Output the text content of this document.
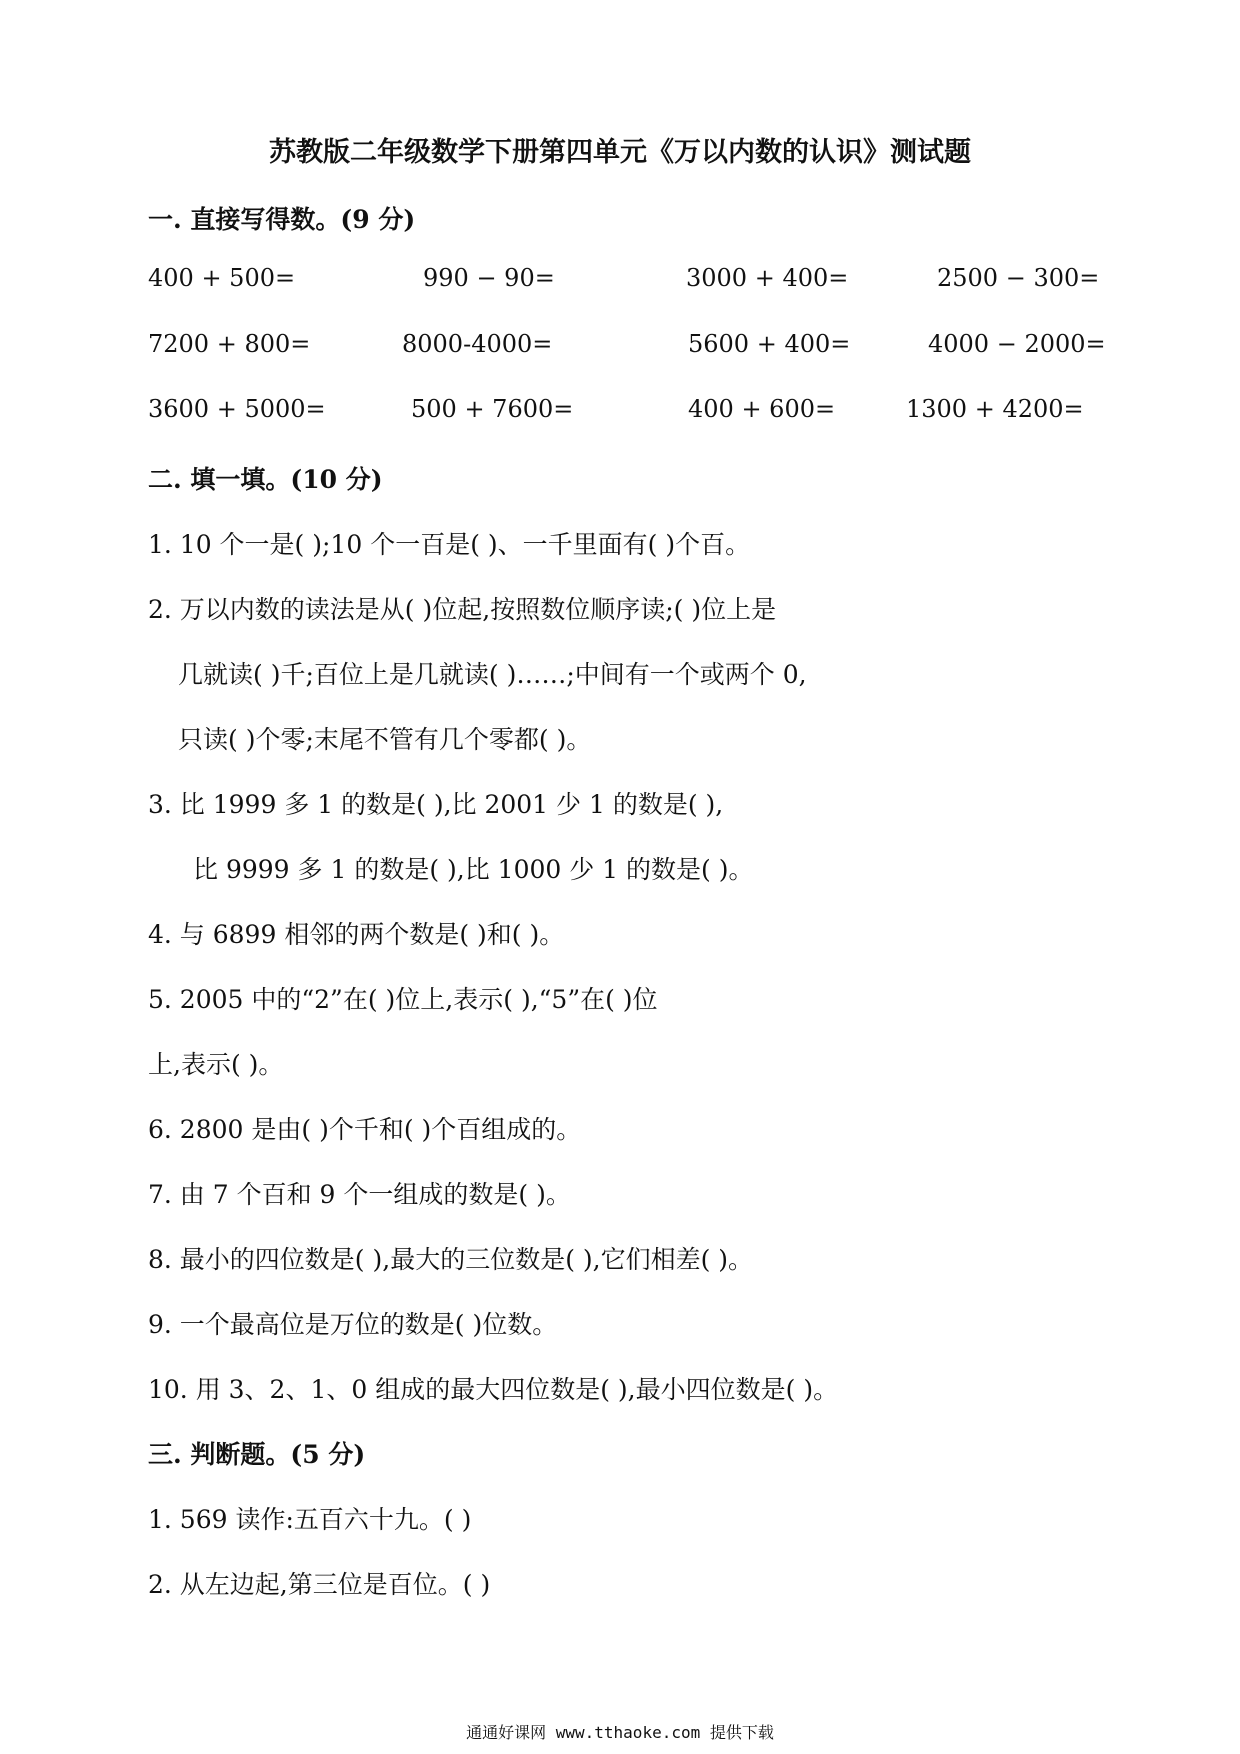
苏教版二年级数学下册第四单元《万以内数的认识》测试题
一. 直接写得数。(9 分)
400 + 500=	990 − 90=	3000 + 400=	2500 − 300=
7200 + 800=	8000-4000=	5600 + 400=	4000 − 2000=
3600 + 5000=	500 + 7600=	400 + 600=	1300 + 4200=
二. 填一填。(10 分)
1. 10 个一是( );10 个一百是( )、一千里面有( )个百。
2. 万以内数的读法是从( )位起,按照数位顺序读;( )位上是
几就读( )千;百位上是几就读( )……;中间有一个或两个 0,
只读( )个零;末尾不管有几个零都( )。
3. 比 1999 多 1 的数是( ),比 2001 少 1 的数是( ),
比 9999 多 1 的数是( ),比 1000 少 1 的数是( )。
4. 与 6899 相邻的两个数是( )和( )。
5. 2005 中的“2”在( )位上,表示( ),“5”在( )位
上,表示( )。
6. 2800 是由( )个千和( )个百组成的。
7. 由 7 个百和 9 个一组成的数是( )。
8. 最小的四位数是( ),最大的三位数是( ),它们相差( )。
9. 一个最高位是万位的数是( )位数。
10. 用 3、2、1、0 组成的最大四位数是( ),最小四位数是( )。
三. 判断题。(5 分)
1. 569 读作:五百六十九。( )
2. 从左边起,第三位是百位。( )
通通好课网 www.tthaoke.com 提供下载
